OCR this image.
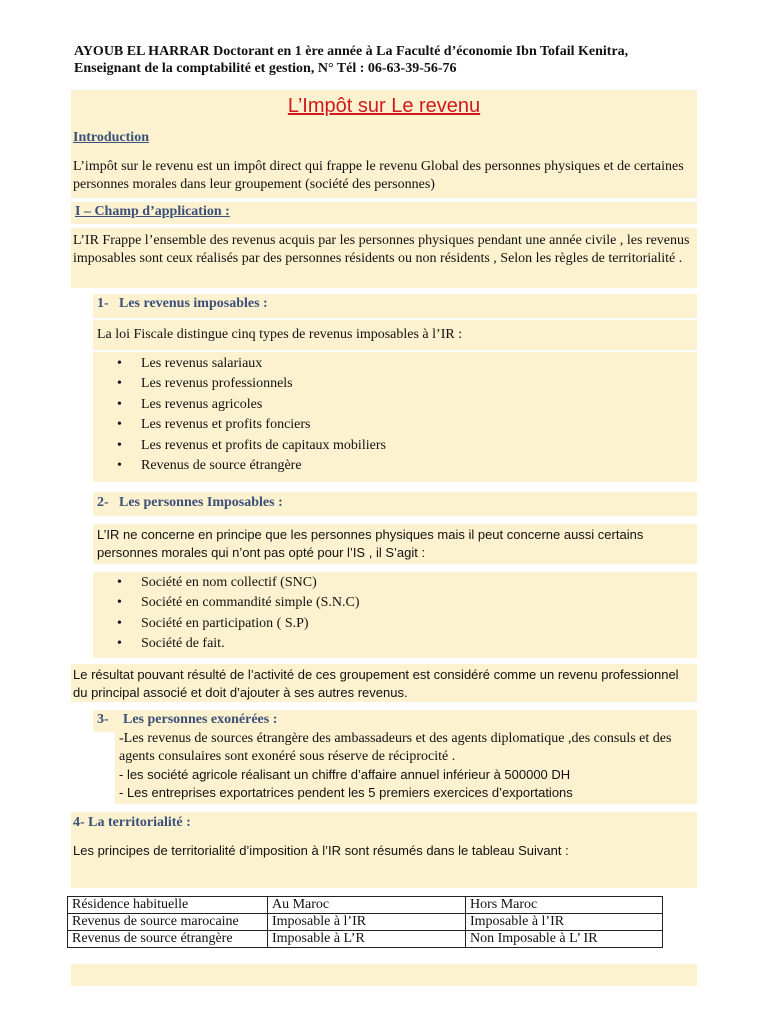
AYOUB EL HARRAR Doctorant en 1 ère année à La Faculté d’économie Ibn Tofail Kenitra,
Enseignant de la comptabilité et gestion, N° Tél : 06-63-39-56-76
L’Impôt sur Le revenu
Introduction
L’impôt sur le revenu est un impôt direct qui frappe le revenu Global des personnes physiques et de certaines personnes morales dans leur groupement (société des personnes)
I – Champ d’application :
L’IR Frappe l’ensemble des revenus acquis par les personnes physiques pendant une année civile , les revenus imposables sont ceux réalisés par des personnes résidents ou non résidents , Selon les règles de territorialité .
1- Les revenus imposables :
La loi Fiscale distingue cinq types de revenus imposables à l’IR :
• Les revenus salariaux
• Les revenus professionnels
• Les revenus agricoles
• Les revenus et profits fonciers
• Les revenus et profits de capitaux mobiliers
• Revenus de source étrangère
2- Les personnes Imposables :
L’IR ne concerne en principe que les personnes physiques mais il peut concerne aussi certains personnes morales qui n’ont pas opté pour l’IS , il S’agit :
• Société en nom collectif (SNC)
• Société en commandité simple (S.N.C)
• Société en participation ( S.P)
• Société de fait.
Le résultat pouvant résulté de l’activité de ces groupement est considéré comme un revenu professionnel du principal associé et doit d’ajouter à ses autres revenus.
3- Les personnes exonérées :
-Les revenus de sources étrangère des ambassadeurs et des agents diplomatique ,des consuls et des agents consulaires sont exonéré sous réserve de réciprocité .
- les société agricole réalisant un chiffre d’affaire annuel inférieur à 500000 DH
- Les entreprises exportatrices pendent les 5 premiers exercices d’exportations
4- La territorialité :
Les principes de territorialité d’imposition à l’IR sont résumés dans le tableau Suivant :
Résidence habituelle	Au Maroc	Hors Maroc
Revenus de source marocaine	Imposable à l’IR	Imposable à l’IR
Revenus de source étrangère	Imposable à L’R	Non Imposable à L’ IR
